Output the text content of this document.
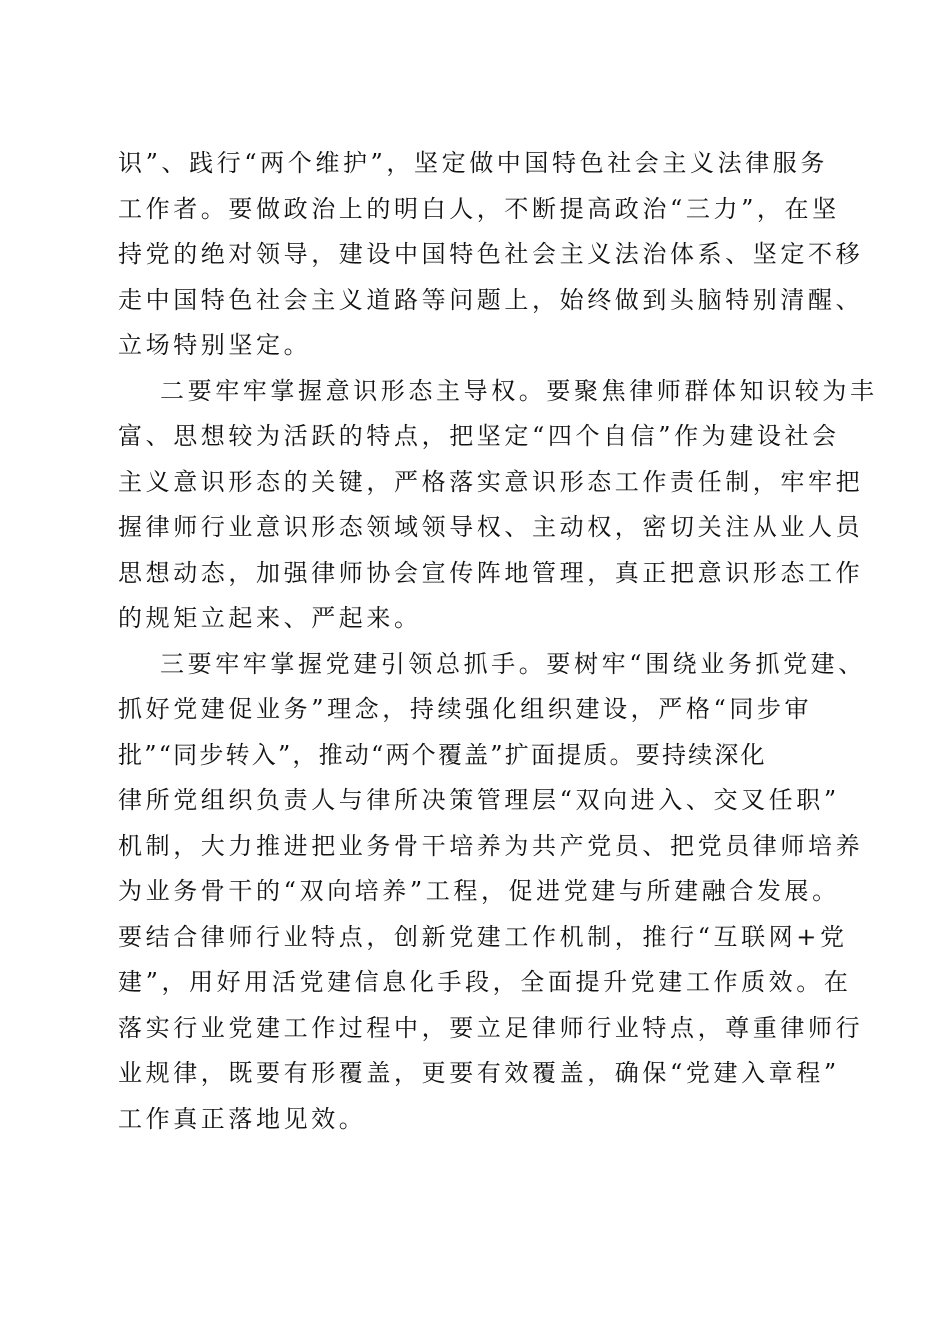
识”、践行“两个维护”，坚定做中国特色社会主义法律服务
工作者。要做政治上的明白人，不断提高政治“三力”，在坚
持党的绝对领导，建设中国特色社会主义法治体系、坚定不移
走中国特色社会主义道路等问题上，始终做到头脑特别清醒、
立场特别坚定。
二要牢牢掌握意识形态主导权。要聚焦律师群体知识较为丰
富、思想较为活跃的特点，把坚定“四个自信”作为建设社会
主义意识形态的关键，严格落实意识形态工作责任制，牢牢把
握律师行业意识形态领域领导权、主动权，密切关注从业人员
思想动态，加强律师协会宣传阵地管理，真正把意识形态工作
的规矩立起来、严起来。
三要牢牢掌握党建引领总抓手。要树牢“围绕业务抓党建、
抓好党建促业务”理念，持续强化组织建设，严格“同步审
批”“同步转入”，推动“两个覆盖”扩面提质。要持续深化
律所党组织负责人与律所决策管理层“双向进入、交叉任职”
机制，大力推进把业务骨干培养为共产党员、把党员律师培养
为业务骨干的“双向培养”工程，促进党建与所建融合发展。
要结合律师行业特点，创新党建工作机制，推行“互联网+党
建”，用好用活党建信息化手段，全面提升党建工作质效。在
落实行业党建工作过程中，要立足律师行业特点，尊重律师行
业规律，既要有形覆盖，更要有效覆盖，确保“党建入章程”
工作真正落地见效。
